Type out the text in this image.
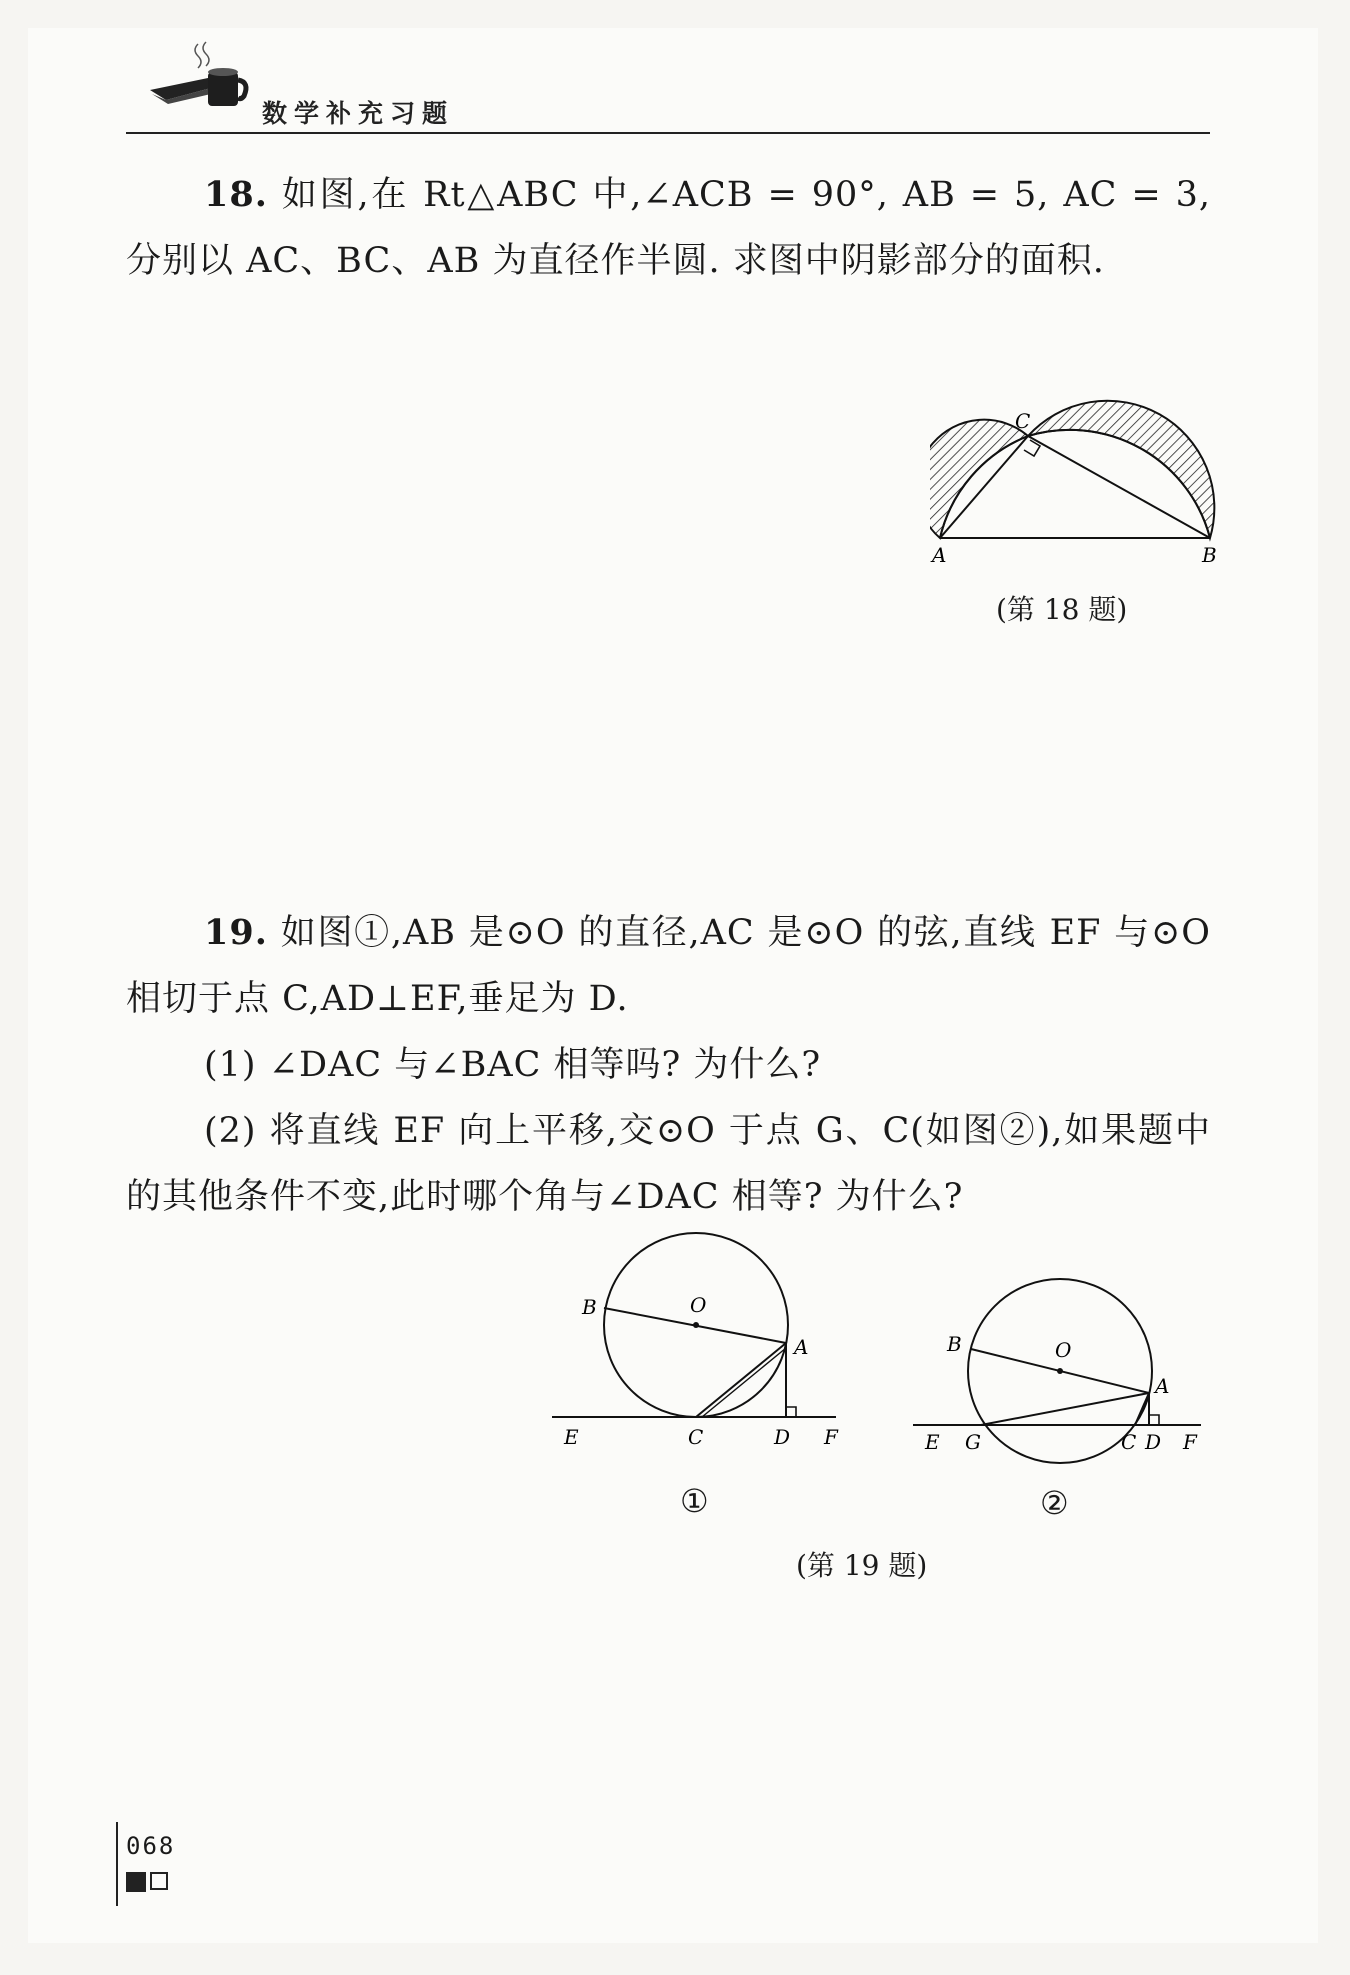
数学补充习题
18. 如图,在 Rt△ABC 中,∠ACB = 90°, AB = 5, AC = 3,分别以 AC、BC、AB 为直径作半圆. 求图中阴影部分的面积.
A	B
C
(第 18 题)
19. 如图①,AB 是⊙O 的直径,AC 是⊙O 的弦,直线 EF 与⊙O 相切于点 C,AD⊥EF,垂足为 D.
(1) ∠DAC 与∠BAC 相等吗? 为什么?
(2) 将直线 EF 向上平移,交⊙O 于点 G、C(如图②),如果题中的其他条件不变,此时哪个角与∠DAC 相等? 为什么?
B	O
A
E	C	D F
①
B	O
A
E G	C D F
②
(第 19 题)
068
